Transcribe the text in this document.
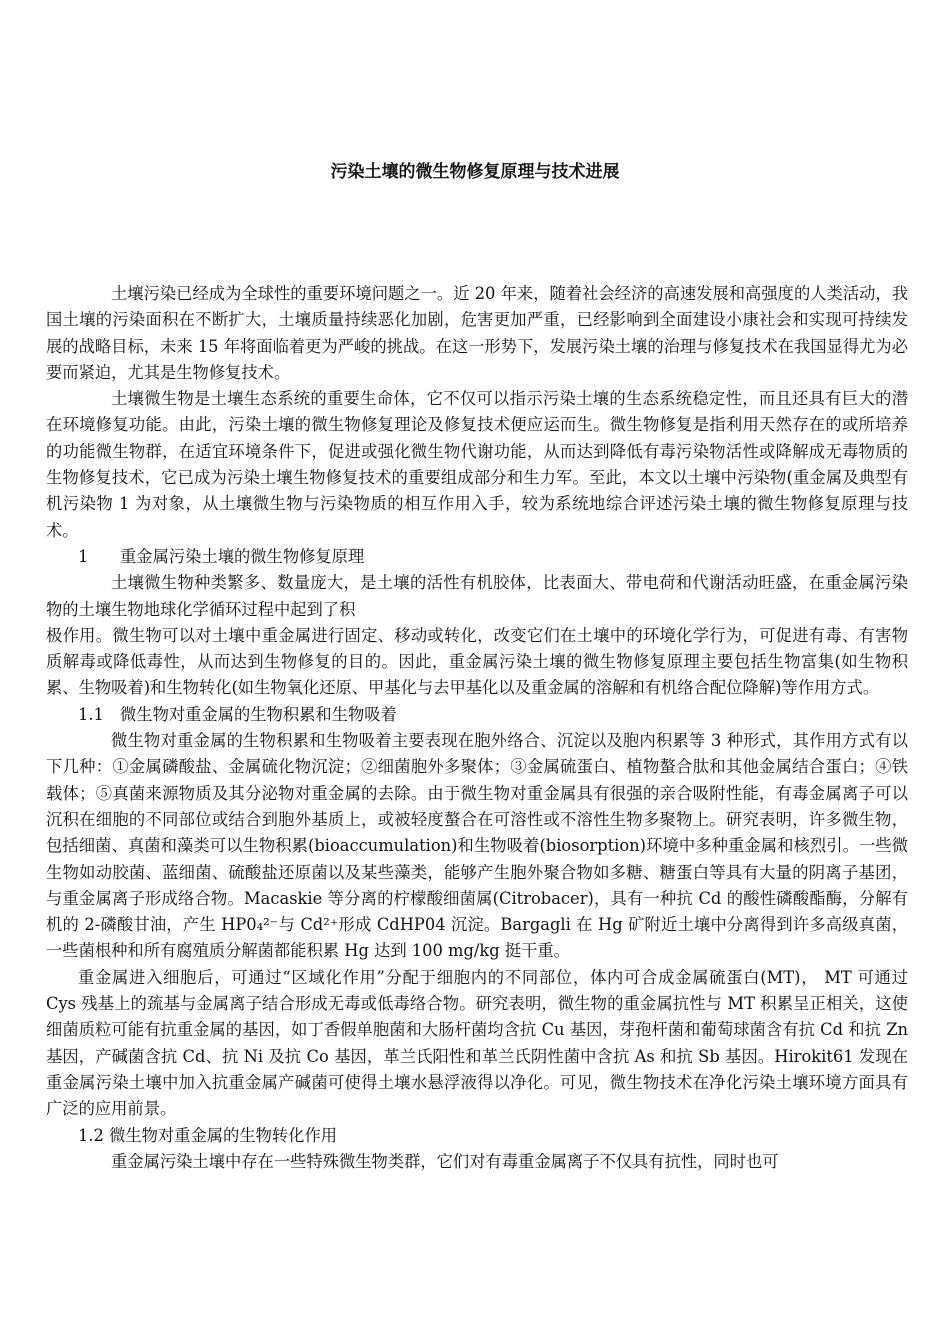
污染土壤的微生物修复原理与技术进展

土壤污染已经成为全球性的重要环境问题之一。近 20 年来，随着社会经济的高速发展和高强度的人类活动，我国土壤的污染面积在不断扩大，土壤质量持续恶化加剧，危害更加严重，已经影响到全面建设小康社会和实现可持续发展的战略目标，未来 15 年将面临着更为严峻的挑战。在这一形势下，发展污染土壤的治理与修复技术在我国显得尤为必要而紧迫，尤其是生物修复技术。

土壤微生物是土壤生态系统的重要生命体，它不仅可以指示污染土壤的生态系统稳定性，而且还具有巨大的潜在环境修复功能。由此，污染土壤的微生物修复理论及修复技术便应运而生。微生物修复是指利用天然存在的或所培养的功能微生物群，在适宜环境条件下，促进或强化微生物代谢功能，从而达到降低有毒污染物活性或降解成无毒物质的生物修复技术，它已成为污染土壤生物修复技术的重要组成部分和生力军。至此，本文以土壤中污染物(重金属及典型有机污染物 1 为对象，从土壤微生物与污染物质的相互作用入手，较为系统地综合评述污染土壤的微生物修复原理与技术。

1 重金属污染土壤的微生物修复原理

土壤微生物种类繁多、数量庞大，是土壤的活性有机胶体，比表面大、带电荷和代谢活动旺盛，在重金属污染物的土壤生物地球化学循环过程中起到了积

极作用。微生物可以对土壤中重金属进行固定、移动或转化，改变它们在土壤中的环境化学行为，可促进有毒、有害物质解毒或降低毒性，从而达到生物修复的目的。因此，重金属污染土壤的微生物修复原理主要包括生物富集(如生物积累、生物吸着)和生物转化(如生物氧化还原、甲基化与去甲基化以及重金属的溶解和有机络合配位降解)等作用方式。

1.1 微生物对重金属的生物积累和生物吸着

微生物对重金属的生物积累和生物吸着主要表现在胞外络合、沉淀以及胞内积累等 3 种形式，其作用方式有以下几种：①金属磷酸盐、金属硫化物沉淀；②细菌胞外多聚体；③金属硫蛋白、植物螯合肽和其他金属结合蛋白；④铁载体；⑤真菌来源物质及其分泌物对重金属的去除。由于微生物对重金属具有很强的亲合吸附性能，有毒金属离子可以沉积在细胞的不同部位或结合到胞外基质上，或被轻度螯合在可溶性或不溶性生物多聚物上。研究表明，许多微生物，包括细菌、真菌和藻类可以生物积累(bioaccumulation)和生物吸着(biosorption)环境中多种重金属和核烈引。一些微生物如动胶菌、蓝细菌、硫酸盐还原菌以及某些藻类，能够产生胞外聚合物如多糖、糖蛋白等具有大量的阴离子基团，与重金属离子形成络合物。Macaskie 等分离的柠檬酸细菌属(Citrobacer)，具有一种抗 Cd 的酸性磷酸酯酶，分解有机的 2-磷酸甘油，产生 HP0₄²⁻与 Cd²⁺形成 CdHP04 沉淀。Bargagli 在 Hg 矿附近土壤中分离得到许多高级真菌，一些菌根种和所有腐殖质分解菌都能积累 Hg 达到 100 mg/kg 挺干重。

重金属进入细胞后，可通过“区域化作用”分配于细胞内的不同部位，体内可合成金属硫蛋白(MT)， MT 可通过 Cys 残基上的巯基与金属离子结合形成无毒或低毒络合物。研究表明，微生物的重金属抗性与 MT 积累呈正相关，这使细菌质粒可能有抗重金属的基因，如丁香假单胞菌和大肠杆菌均含抗 Cu 基因，芽孢杆菌和葡萄球菌含有抗 Cd 和抗 Zn 基因，产碱菌含抗 Cd、抗 Ni 及抗 Co 基因，革兰氏阳性和革兰氏阴性菌中含抗 As 和抗 Sb 基因。Hirokit61 发现在重金属污染土壤中加入抗重金属产碱菌可使得土壤水悬浮液得以净化。可见，微生物技术在净化污染土壤环境方面具有广泛的应用前景。

1.2 微生物对重金属的生物转化作用

重金属污染土壤中存在一些特殊微生物类群，它们对有毒重金属离子不仅具有抗性，同时也可
